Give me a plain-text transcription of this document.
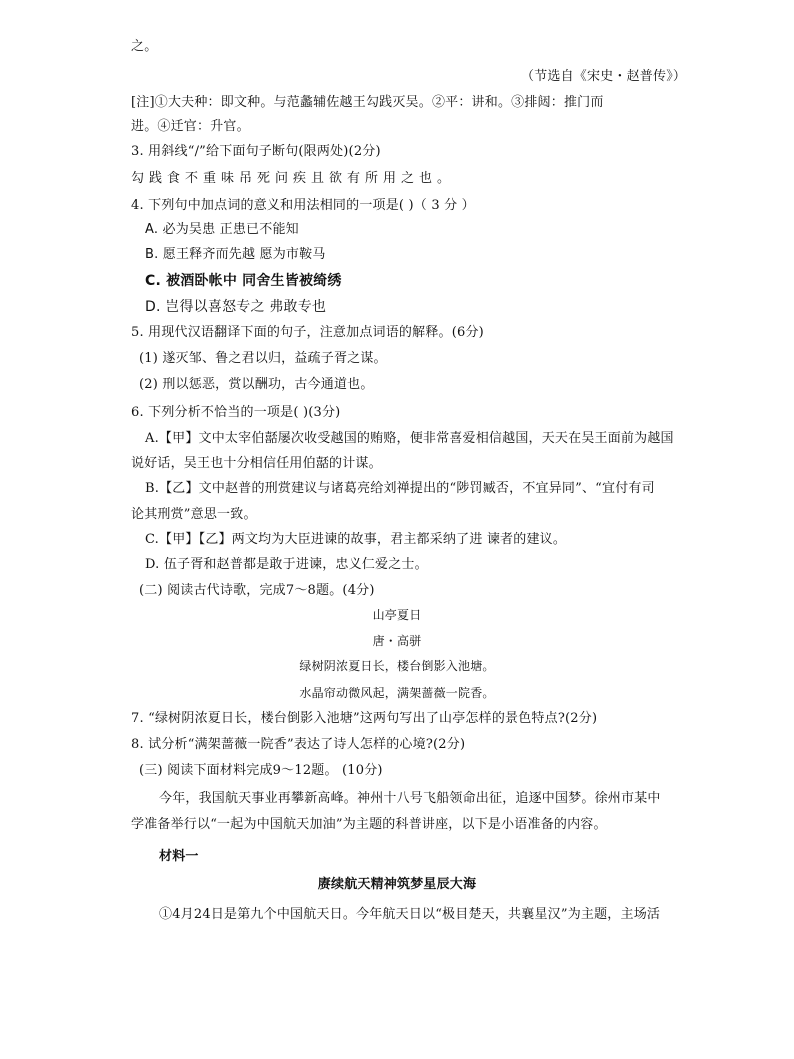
之。
（节选自《宋史・赵普传》）
[注]①大夫种：即文种。与范蠡辅佐越王勾践灭吴。②平：讲和。③排闼：推门而
进。④迁官：升官。
3. 用斜线“/”给下面句子断句(限两处)(2分)
勾践食不重味吊死问疾且欲有所用之也。
4. 下列句中加点词的意义和用法相同的一项是( )（ 3 分 ）
A. 必为吴患 正患已不能知
B. 愿王释齐而先越 愿为市鞍马
C. 被酒卧帐中 同舍生皆被绮绣
D. 岂得以喜怒专之 弗敢专也
5. 用现代汉语翻译下面的句子，注意加点词语的解释。(6分)
(1) 遂灭邹、鲁之君以归，益疏子胥之谋。
(2) 刑以惩恶，赏以酬功，古今通道也。
6. 下列分析不恰当的一项是( )(3分)
A.【甲】文中太宰伯嚭屡次收受越国的贿赂，便非常喜爱相信越国，天天在吴王面前为越国
说好话，吴王也十分相信任用伯嚭的计谋。
B.【乙】文中赵普的刑赏建议与诸葛亮给刘禅提出的“陟罚臧否，不宜异同”、“宜付有司
论其刑赏”意思一致。
C.【甲】【乙】两文均为大臣进谏的故事，君主都采纳了进 谏者的建议。
D. 伍子胥和赵普都是敢于进谏，忠义仁爱之士。
(二) 阅读古代诗歌，完成7～8题。(4分)
山亭夏日
唐・高骈
绿树阴浓夏日长，楼台倒影入池塘。
水晶帘动微风起，满架蔷薇一院香。
7. “绿树阴浓夏日长，楼台倒影入池塘”这两句写出了山亭怎样的景色特点?(2分)
8. 试分析“满架蔷薇一院香”表达了诗人怎样的心境?(2分)
(三) 阅读下面材料完成9～12题。 (10分)
今年，我国航天事业再攀新高峰。神州十八号飞船领命出征，追逐中国梦。徐州市某中
学准备举行以“一起为中国航天加油”为主题的科普讲座，以下是小语准备的内容。
材料一
赓续航天精神筑梦星辰大海
①4月24日是第九个中国航天日。今年航天日以“极目楚天，共襄星汉”为主题，主场活
